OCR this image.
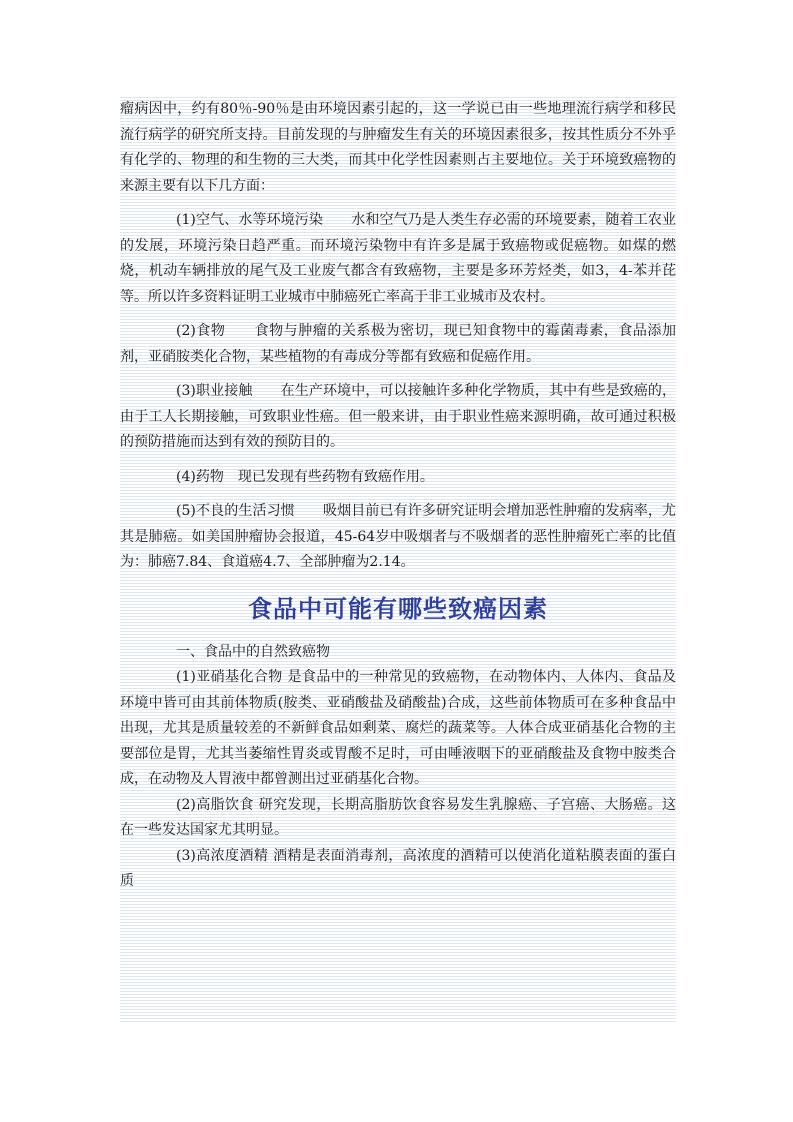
瘤病因中，约有80％-90％是由环境因素引起的，这一学说已由一些地理流行病学和移民流行病学的研究所支持。目前发现的与肿瘤发生有关的环境因素很多，按其性质分不外乎有化学的、物理的和生物的三大类，而其中化学性因素则占主要地位。关于环境致癌物的来源主要有以下几方面：

(1)空气、水等环境污染　　水和空气乃是人类生存必需的环境要素，随着工农业的发展，环境污染日趋严重。而环境污染物中有许多是属于致癌物或促癌物。如煤的燃烧，机动车辆排放的尾气及工业废气都含有致癌物，主要是多环芳烃类，如3，4-苯并芘等。所以许多资料证明工业城市中肺癌死亡率高于非工业城市及农村。

(2)食物　　食物与肿瘤的关系极为密切，现已知食物中的霉菌毒素，食品添加剂，亚硝胺类化合物，某些植物的有毒成分等都有致癌和促癌作用。

(3)职业接触　　在生产环境中，可以接触许多种化学物质，其中有些是致癌的，由于工人长期接触，可致职业性癌。但一般来讲，由于职业性癌来源明确，故可通过积极的预防措施而达到有效的预防目的。

(4)药物　现已发现有些药物有致癌作用。

(5)不良的生活习惯　　吸烟目前已有许多研究证明会增加恶性肿瘤的发病率，尤其是肺癌。如美国肿瘤协会报道，45-64岁中吸烟者与不吸烟者的恶性肿瘤死亡率的比值为：肺癌7.84、食道癌4.7、全部肿瘤为2.14。

食品中可能有哪些致癌因素

一、食品中的自然致癌物

(1)亚硝基化合物 是食品中的一种常见的致癌物，在动物体内、人体内、食品及环境中皆可由其前体物质(胺类、亚硝酸盐及硝酸盐)合成，这些前体物质可在多种食品中出现，尤其是质量较差的不新鲜食品如剩菜、腐烂的蔬菜等。人体合成亚硝基化合物的主要部位是胃，尤其当萎缩性胃炎或胃酸不足时，可由唾液咽下的亚硝酸盐及食物中胺类合成，在动物及人胃液中都曾测出过亚硝基化合物。

(2)高脂饮食 研究发现，长期高脂肪饮食容易发生乳腺癌、子宫癌、大肠癌。这在一些发达国家尤其明显。

(3)高浓度酒精 酒精是表面消毒剂，高浓度的酒精可以使消化道粘膜表面的蛋白质
